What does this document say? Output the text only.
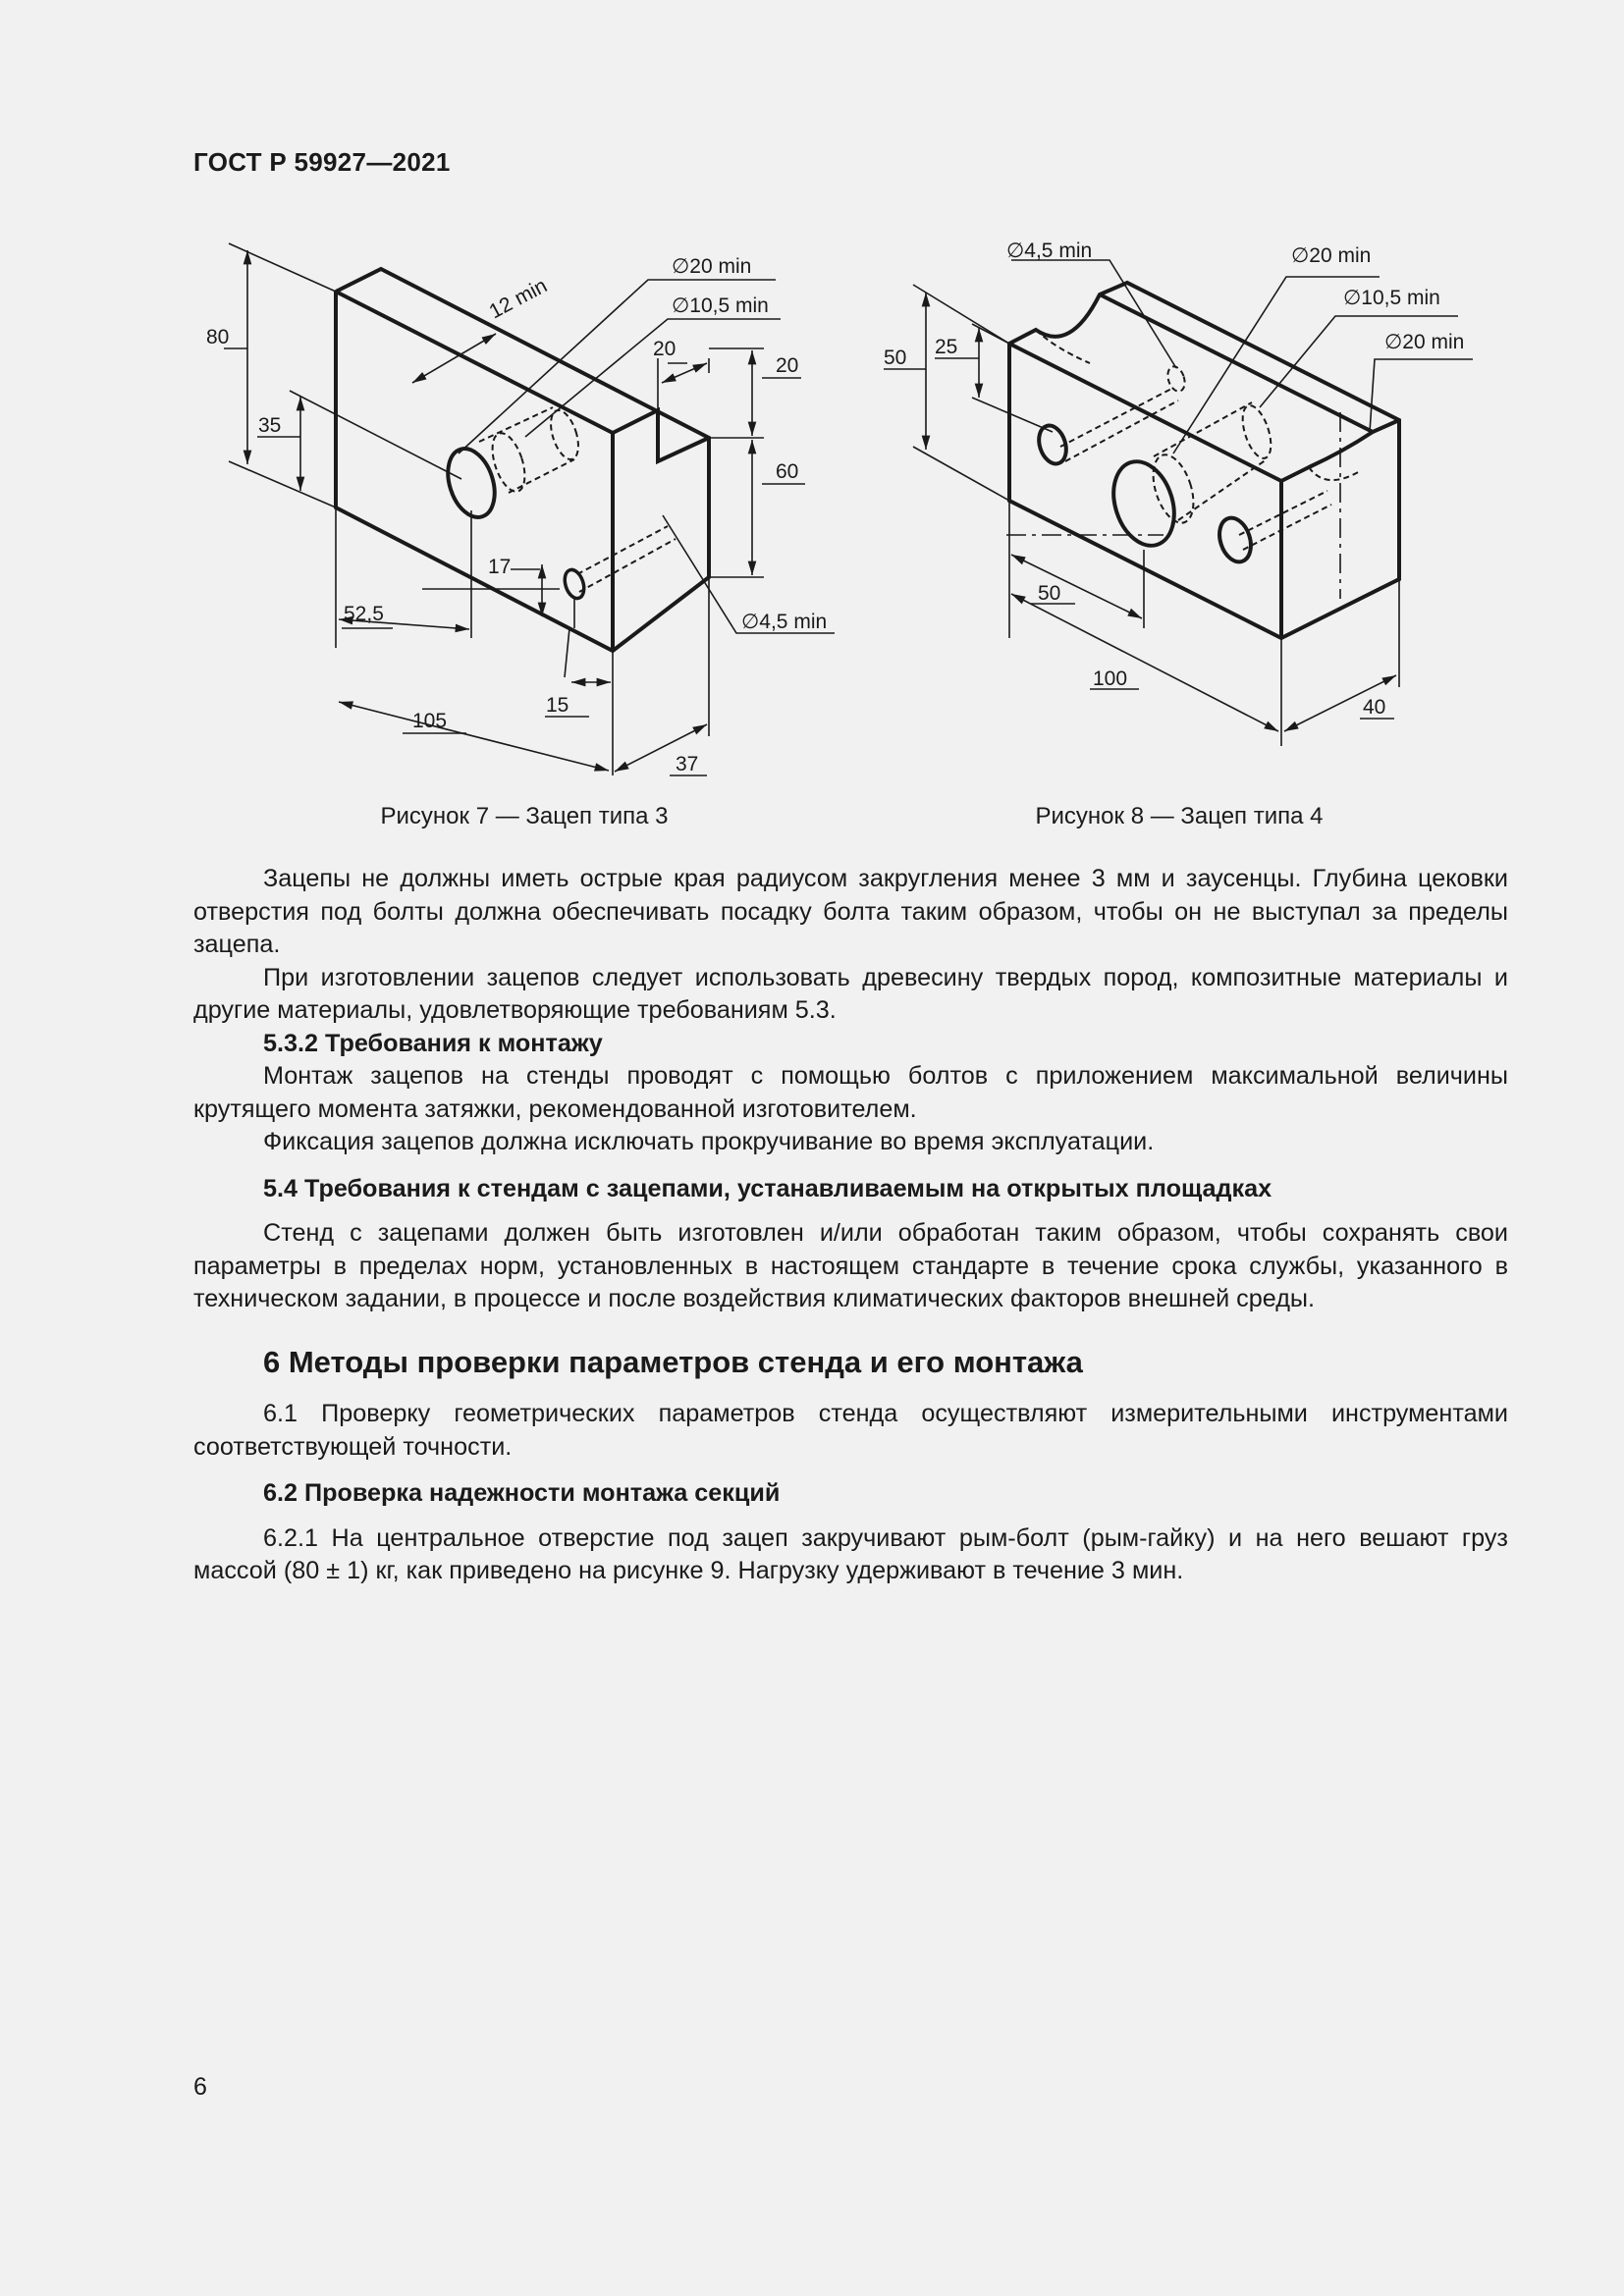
ГОСТ Р 59927—2021
∅20 min
∅10,5 min
∅4,5 min
12 min
20
20
60
80
35
17
52,5
15
105
37
∅4,5 min	∅20 min
∅10,5 min
∅20 min
50 25
50
100
40
Рисунок 7 — Зацеп типа 3	Рисунок 8 — Зацеп типа 4

Зацепы не должны иметь острые края радиусом закругления менее 3 мм и заусенцы. Глубина цековки отверстия под болты должна обеспечивать посадку болта таким образом, чтобы он не выступал за пределы зацепа.

При изготовлении зацепов следует использовать древесину твердых пород, композитные материалы и другие материалы, удовлетворяющие требованиям 5.3.

5.3.2 Требования к монтажу

Монтаж зацепов на стенды проводят с помощью болтов с приложением максимальной величины крутящего момента затяжки, рекомендованной изготовителем.

Фиксация зацепов должна исключать прокручивание во время эксплуатации.

5.4 Требования к стендам с зацепами, устанавливаемым на открытых площадках

Стенд с зацепами должен быть изготовлен и/или обработан таким образом, чтобы сохранять свои параметры в пределах норм, установленных в настоящем стандарте в течение срока службы, указанного в техническом задании, в процессе и после воздействия климатических факторов внешней среды.

6 Методы проверки параметров стенда и его монтажа

6.1 Проверку геометрических параметров стенда осуществляют измерительными инструментами соответствующей точности.

6.2 Проверка надежности монтажа секций

6.2.1 На центральное отверстие под зацеп закручивают рым-болт (рым-гайку) и на него вешают груз массой (80 ± 1) кг, как приведено на рисунке 9. Нагрузку удерживают в течение 3 мин.

6
